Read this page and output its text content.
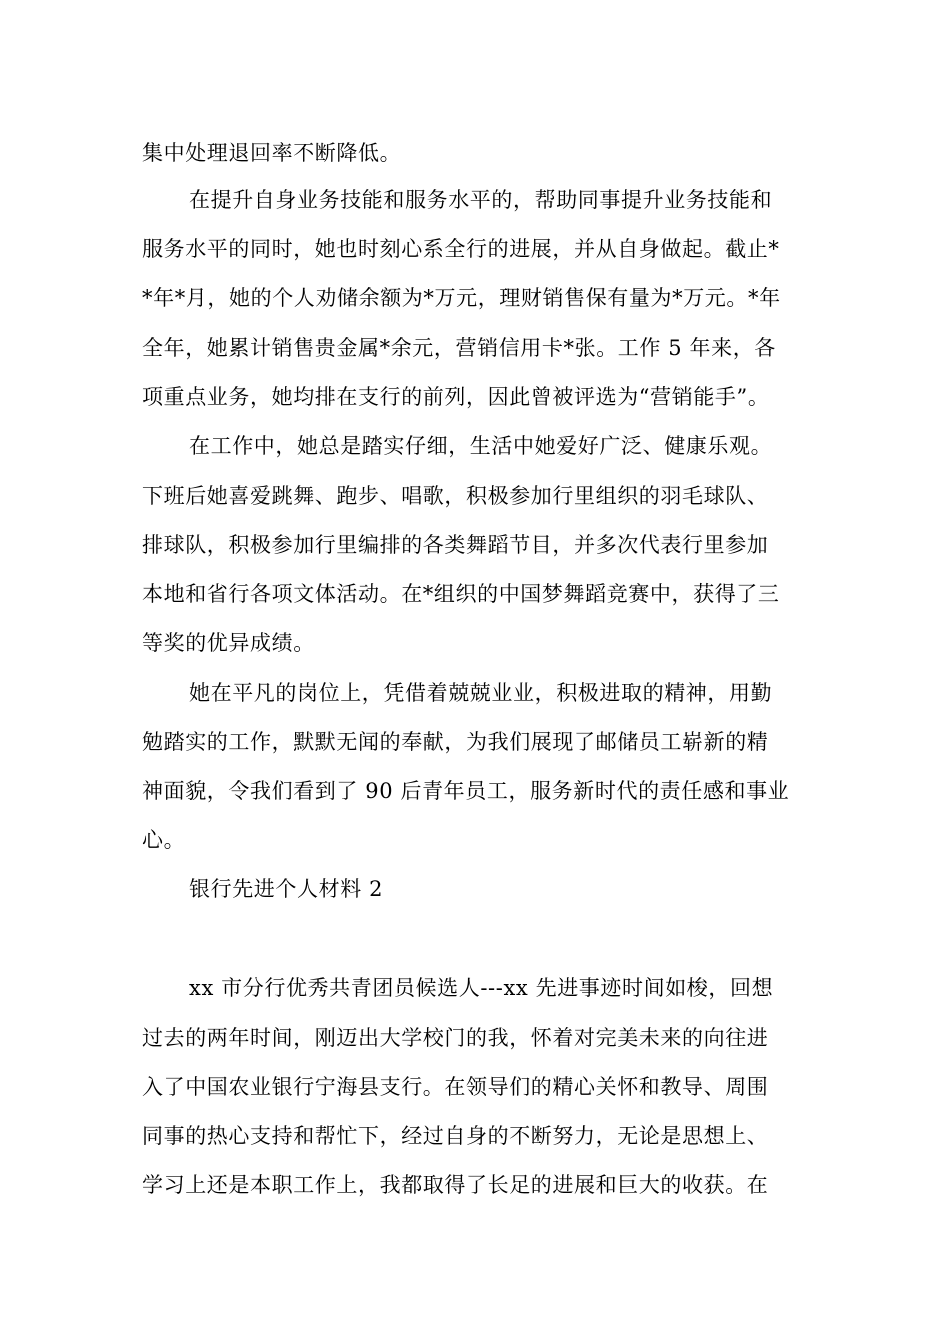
集中处理退回率不断降低。
在提升自身业务技能和服务水平的，帮助同事提升业务技能和
服务水平的同时，她也时刻心系全行的进展，并从自身做起。截止*
*年*月，她的个人劝储余额为*万元，理财销售保有量为*万元。*年
全年，她累计销售贵金属*余元，营销信用卡*张。工作 5 年来，各
项重点业务，她均排在支行的前列，因此曾被评选为“营销能手”。
在工作中，她总是踏实仔细，生活中她爱好广泛、健康乐观。
下班后她喜爱跳舞、跑步、唱歌，积极参加行里组织的羽毛球队、
排球队，积极参加行里编排的各类舞蹈节目，并多次代表行里参加
本地和省行各项文体活动。在*组织的中国梦舞蹈竞赛中，获得了三
等奖的优异成绩。
她在平凡的岗位上，凭借着兢兢业业，积极进取的精神，用勤
勉踏实的工作，默默无闻的奉献，为我们展现了邮储员工崭新的精
神面貌，令我们看到了 90 后青年员工，服务新时代的责任感和事业
心。
银行先进个人材料 2
xx 市分行优秀共青团员候选人---xx 先进事迹时间如梭，回想
过去的两年时间，刚迈出大学校门的我，怀着对完美未来的向往进
入了中国农业银行宁海县支行。在领导们的精心关怀和教导、周围
同事的热心支持和帮忙下，经过自身的不断努力，无论是思想上、
学习上还是本职工作上，我都取得了长足的进展和巨大的收获。在
